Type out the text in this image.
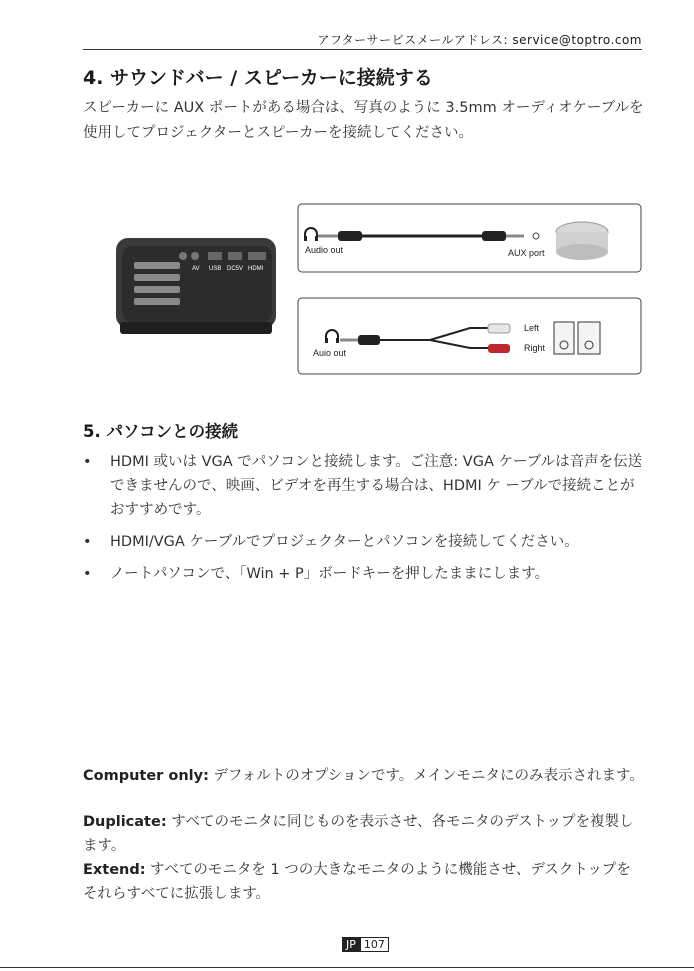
アフターサービスメールアドレス: service@toptro.com
4. サウンドバー / スピーカーに接続する

スピーカーに AUX ポートがある場合は、写真のように 3.5mm オーディオケーブルを使用してプロジェクターとスピーカーを接続してください。

AV USB DC5V HDMI
Audio out	AUX port
Left
Right
Auio out
5. パソコンとの接続
• HDMI 或いは VGA でパソコンと接続します。ご注意: VGA ケーブルは音声を伝送できませんので、映画、ビデオを再生する場合は、HDMI ケ ーブルで接続ことがおすすめです。
• HDMI/VGA ケーブルでプロジェクターとパソコンを接続してください。
• ノートパソコンで、「Win + P」ボードキーを押したままにします。

Computer only: デフォルトのオプションです。メインモニタにのみ表示されます。

Duplicate: すべてのモニタに同じものを表示させ、各モニタのデストップを複製します。

Extend: すべてのモニタを 1 つの大きなモニタのように機能させ、デスクトップをそれらすべてに拡張します。

JP 107
